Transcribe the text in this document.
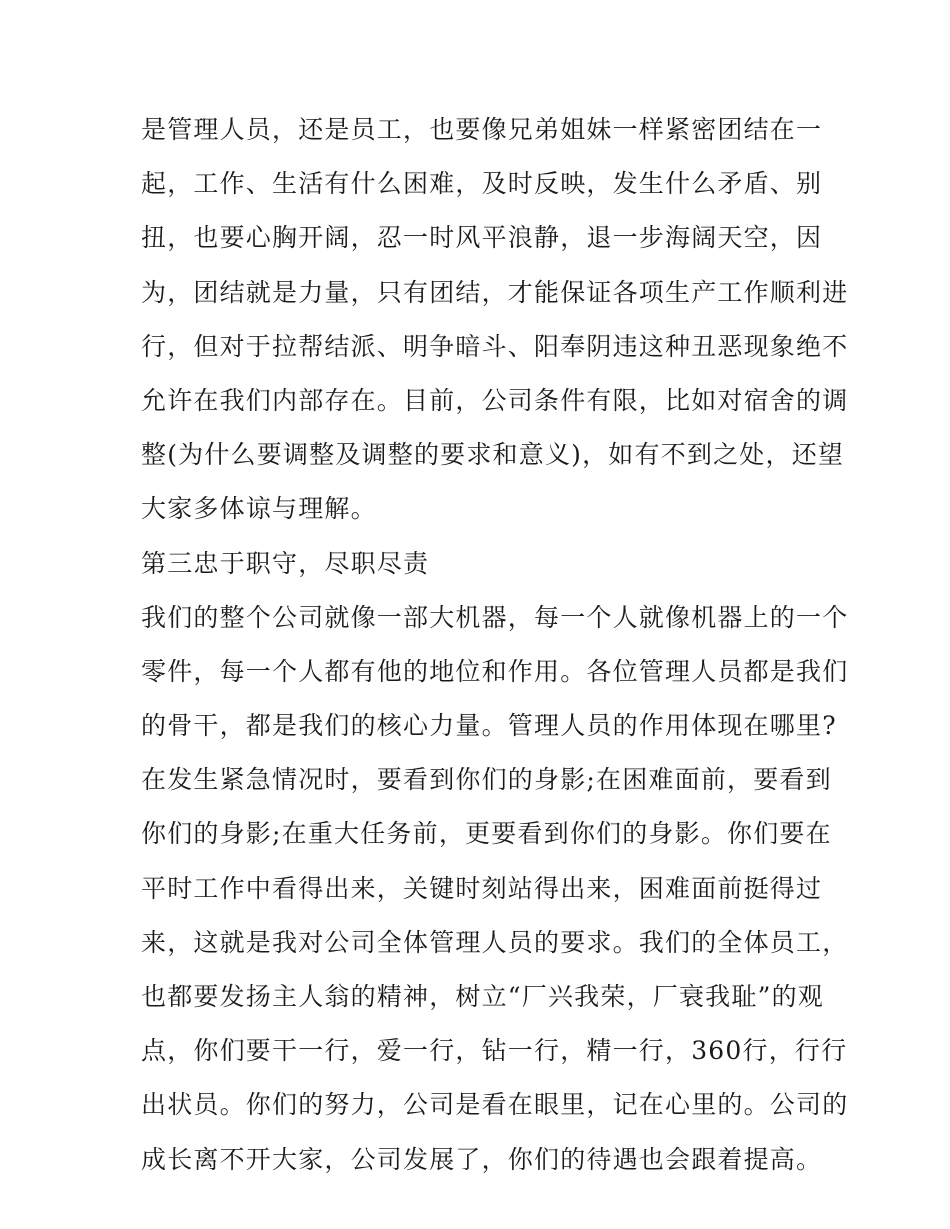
是管理人员，还是员工，也要像兄弟姐妹一样紧密团结在一
起，工作、生活有什么困难，及时反映，发生什么矛盾、别
扭，也要心胸开阔，忍一时风平浪静，退一步海阔天空，因
为，团结就是力量，只有团结，才能保证各项生产工作顺利进
行，但对于拉帮结派、明争暗斗、阳奉阴违这种丑恶现象绝不
允许在我们内部存在。目前，公司条件有限，比如对宿舍的调
整(为什么要调整及调整的要求和意义)，如有不到之处，还望
大家多体谅与理解。
第三忠于职守，尽职尽责
我们的整个公司就像一部大机器，每一个人就像机器上的一个
零件，每一个人都有他的地位和作用。各位管理人员都是我们
的骨干，都是我们的核心力量。管理人员的作用体现在哪里?
在发生紧急情况时，要看到你们的身影;在困难面前，要看到
你们的身影;在重大任务前，更要看到你们的身影。你们要在
平时工作中看得出来，关键时刻站得出来，困难面前挺得过
来，这就是我对公司全体管理人员的要求。我们的全体员工，
也都要发扬主人翁的精神，树立“厂兴我荣，厂衰我耻”的观
点，你们要干一行，爱一行，钻一行，精一行，360行，行行
出状员。你们的努力，公司是看在眼里，记在心里的。公司的
成长离不开大家，公司发展了，你们的待遇也会跟着提高。
